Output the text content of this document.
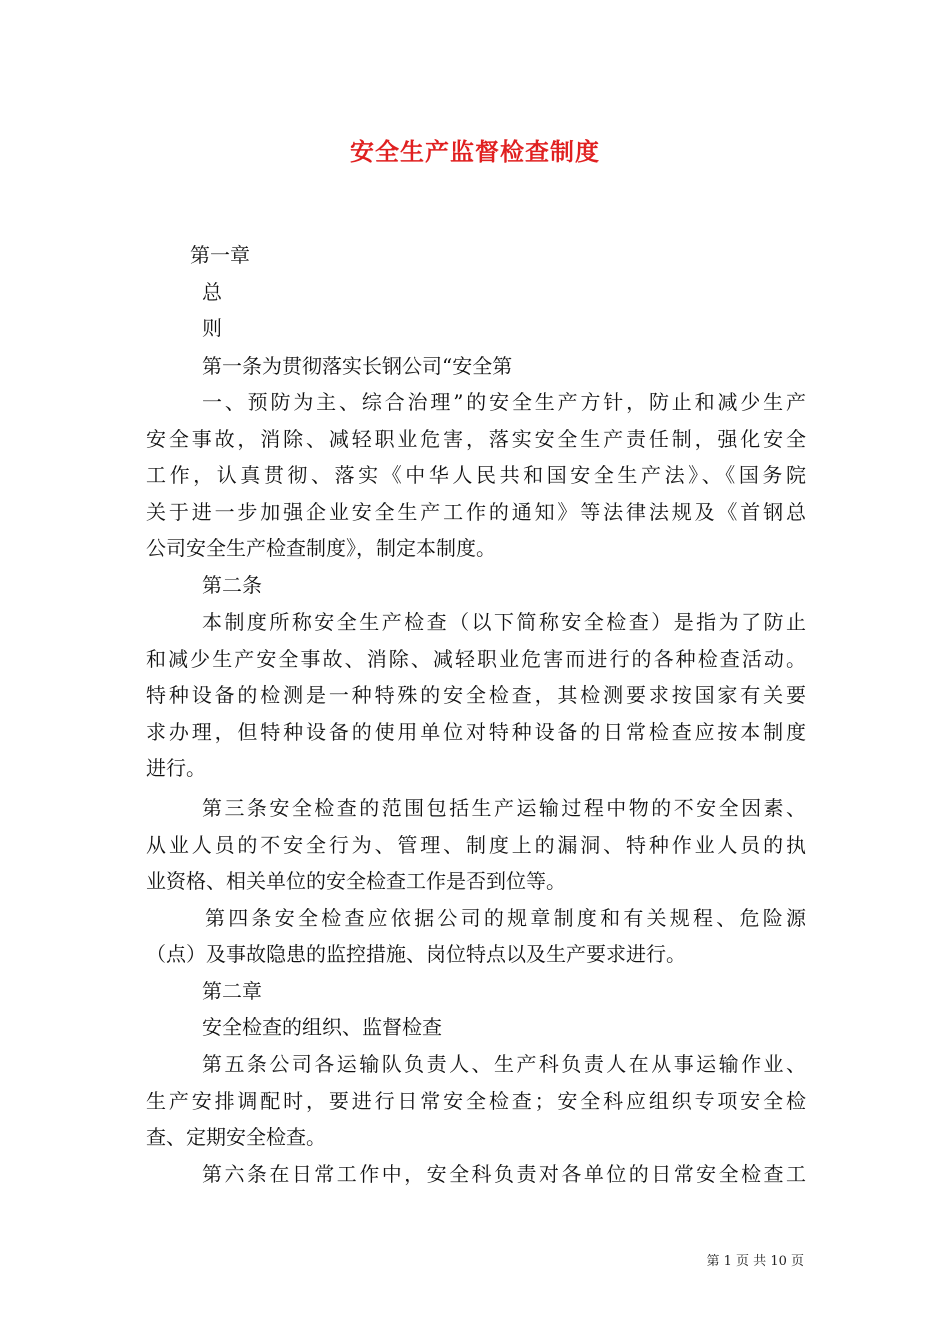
安全生产监督检查制度
第一章
总
则
第一条为贯彻落实长钢公司“安全第
一、预防为主、综合治理”的安全生产方针，防止和减少生产
安全事故，消除、减轻职业危害，落实安全生产责任制，强化安全
工作，认真贯彻、落实《中华人民共和国安全生产法》、《国务院
关于进一步加强企业安全生产工作的通知》等法律法规及《首钢总
公司安全生产检查制度》，制定本制度。
第二条
本制度所称安全生产检查（以下简称安全检查）是指为了防止
和减少生产安全事故、消除、减轻职业危害而进行的各种检查活动。
特种设备的检测是一种特殊的安全检查，其检测要求按国家有关要
求办理，但特种设备的使用单位对特种设备的日常检查应按本制度
进行。
第三条安全检查的范围包括生产运输过程中物的不安全因素、
从业人员的不安全行为、管理、制度上的漏洞、特种作业人员的执
业资格、相关单位的安全检查工作是否到位等。
第四条安全检查应依据公司的规章制度和有关规程、危险源
（点）及事故隐患的监控措施、岗位特点以及生产要求进行。
第二章
安全检查的组织、监督检查
第五条公司各运输队负责人、生产科负责人在从事运输作业、
生产安排调配时，要进行日常安全检查；安全科应组织专项安全检
查、定期安全检查。
第六条在日常工作中，安全科负责对各单位的日常安全检查工
第 1 页 共 10 页
